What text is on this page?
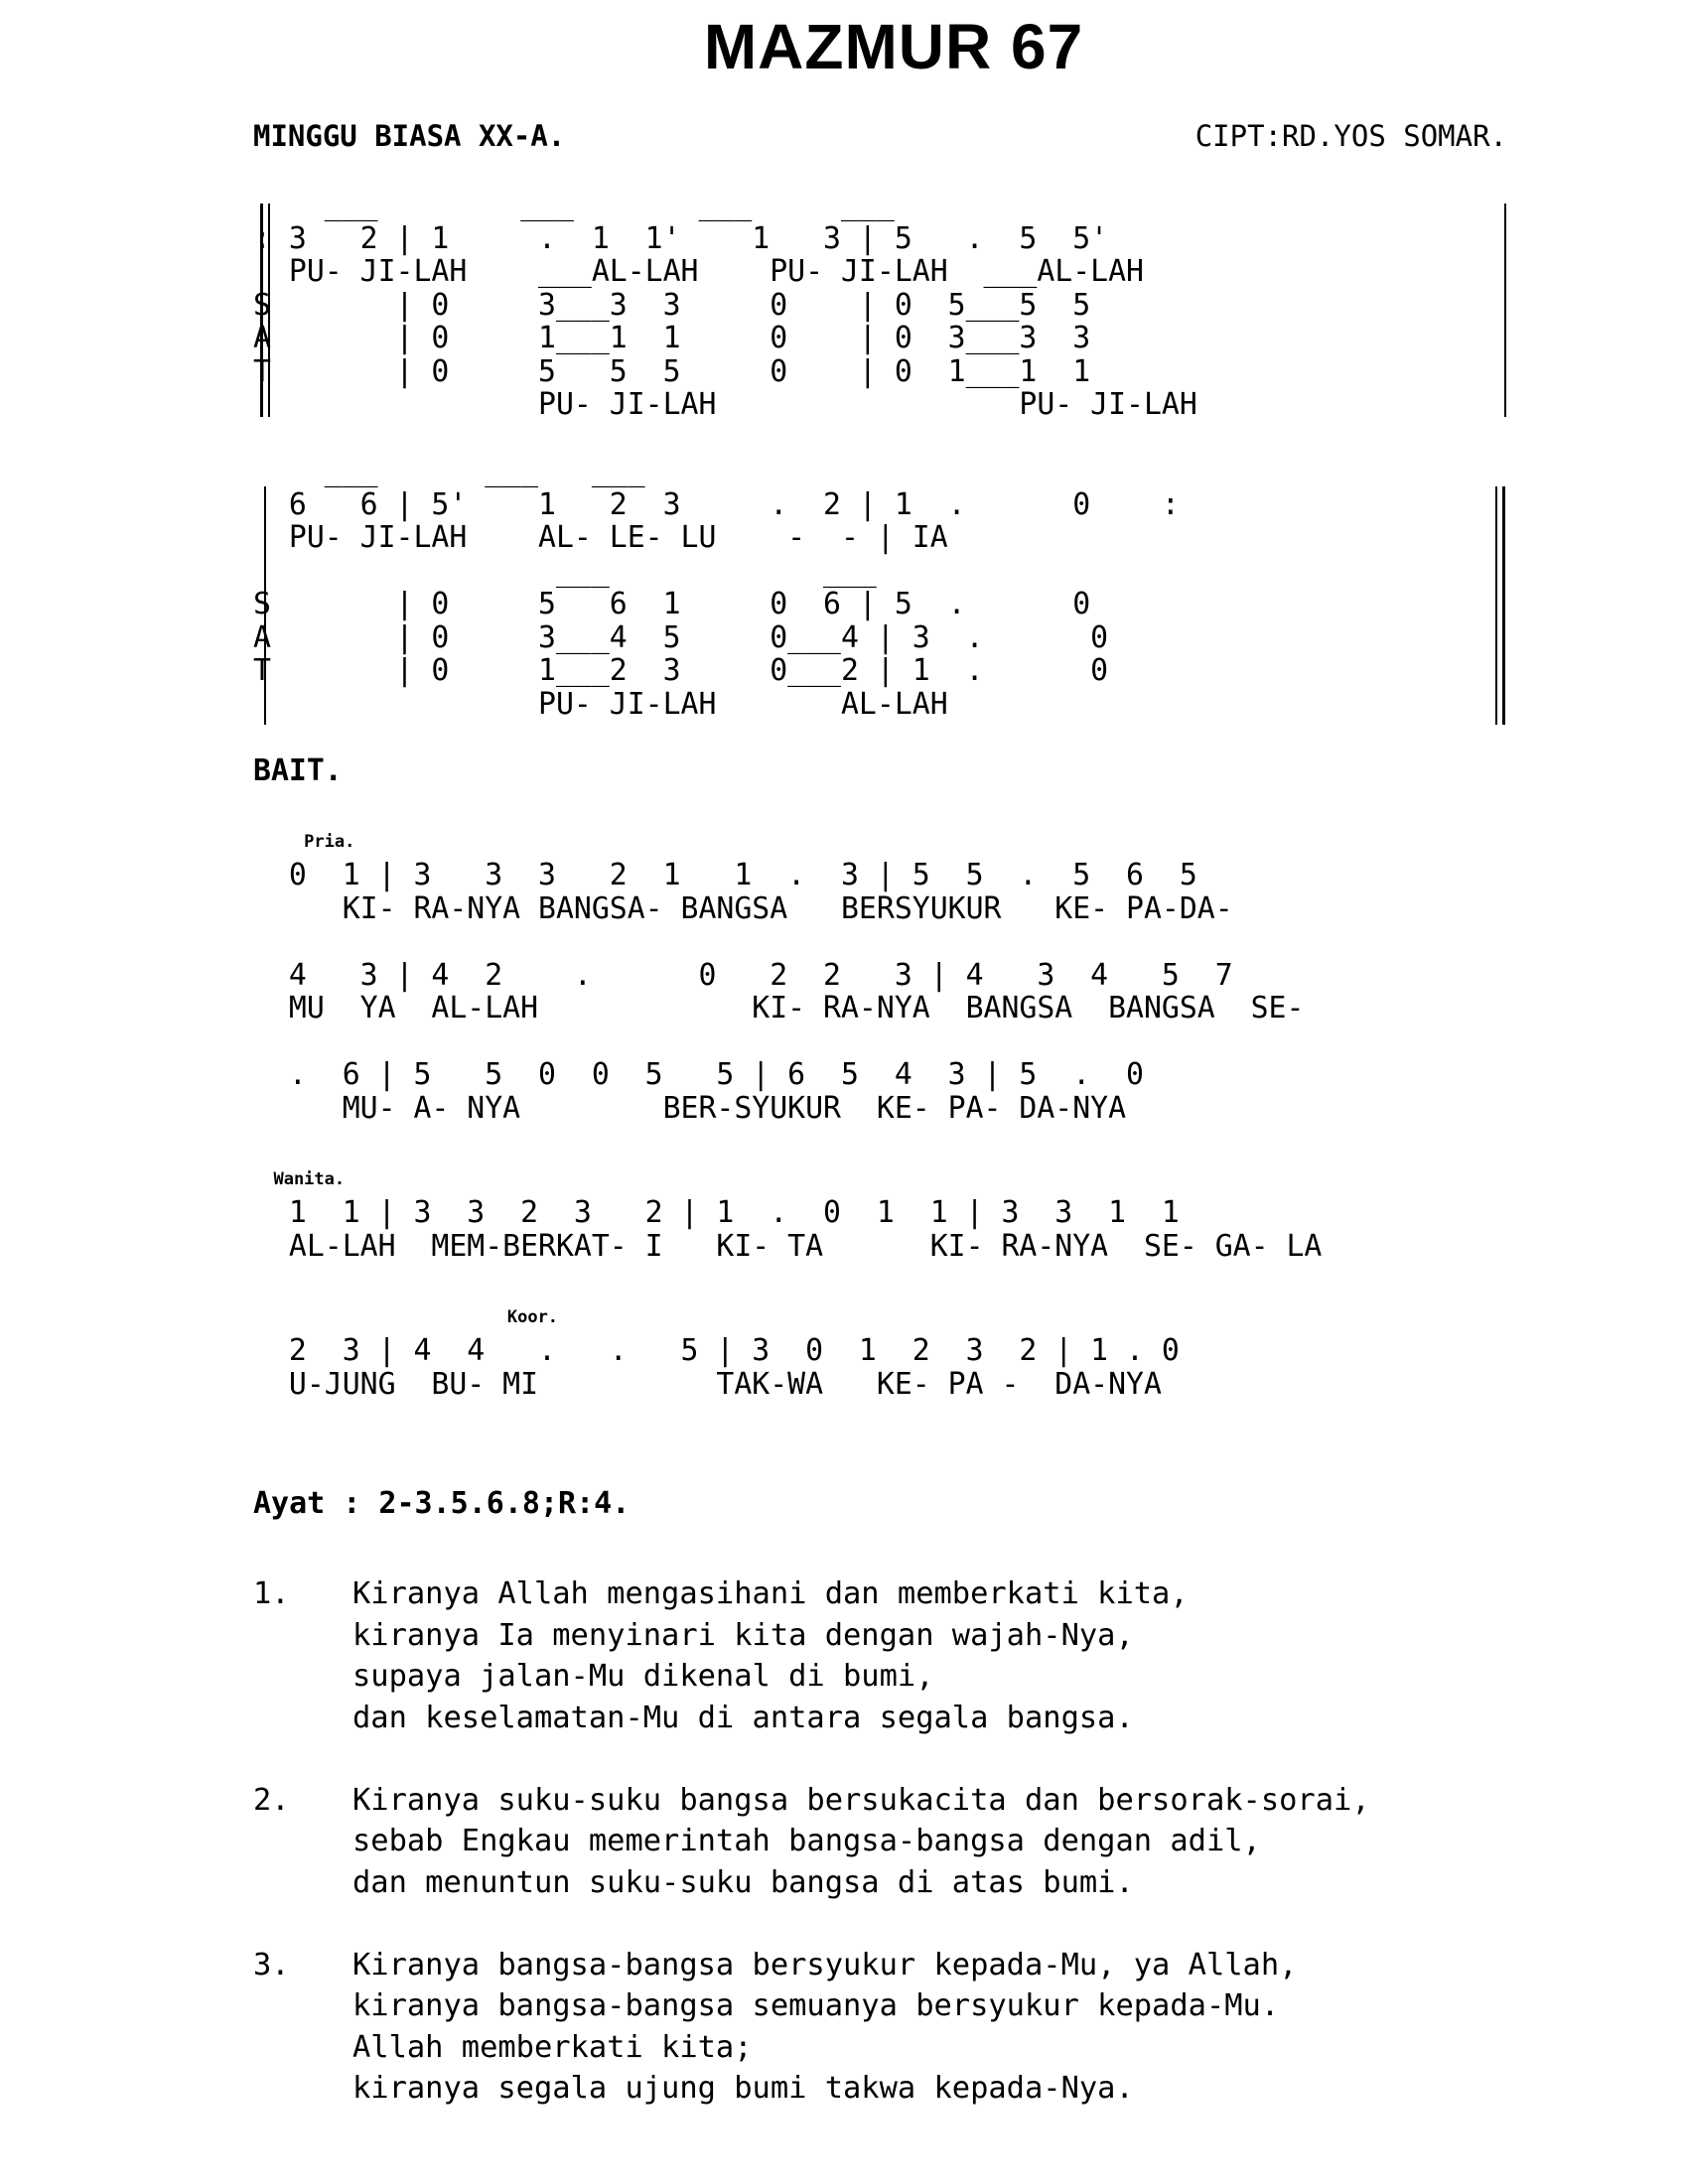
MAZMUR 67
MINGGU BIASA XX-A.	CIPT:RD.YOS SOMAR.
___        ___       ___     ___
: 3   2 | 1     .  1  1'    1   3 | 5   .  5  5'
PU- JI-LAH    ___AL-LAH    PU- JI-LAH  ___AL-LAH
S       | 0     3___3  3     0    | 0  5___5  5
A       | 0     1___1  1     0    | 0  3___3  3
T       | 0     5   5  5     0    | 0  1___1  1
PU- JI-LAH                 PU- JI-LAH

___      ___   ___
6   6 | 5'    1   2  3     .  2 | 1  .      0    :
PU- JI-LAH    AL- LE- LU    -  - | IA
___            ___
S       | 0     5   6  1     0  6 | 5  .      0
A       | 0     3___4  5     0___4 | 3  .      0
T       | 0     1___2  3     0___2 | 1  .      0
PU- JI-LAH       AL-LAH

BAIT.

Pria.
0  1 | 3   3  3   2  1   1  .  3 | 5  5  .  5  6  5
KI- RA-NYA BANGSA- BANGSA   BERSYUKUR   KE- PA-DA-

4   3 | 4  2    .      0   2  2   3 | 4   3  4   5  7
MU  YA  AL-LAH            KI- RA-NYA  BANGSA  BANGSA  SE-

.  6 | 5   5  0  0  5   5 | 6  5  4  3 | 5  .  0
MU- A- NYA        BER-SYUKUR  KE- PA- DA-NYA

Wanita.
1  1 | 3  3  2  3   2 | 1  .  0  1  1 | 3  3  1  1
AL-LAH  MEM-BERKAT- I   KI- TA      KI- RA-NYA  SE- GA- LA

Koor.
2  3 | 4  4   .   .   5 | 3  0  1  2  3  2 | 1 . 0
U-JUNG  BU- MI          TAK-WA   KE- PA -  DA-NYA
Ayat : 2-3.5.6.8;R:4.
1.	Kiranya Allah mengasihani dan memberkati kita,
kiranya Ia menyinari kita dengan wajah-Nya,
supaya jalan-Mu dikenal di bumi,
dan keselamatan-Mu di antara segala bangsa.
2.	Kiranya suku-suku bangsa bersukacita dan bersorak-sorai,
sebab Engkau memerintah bangsa-bangsa dengan adil,
dan menuntun suku-suku bangsa di atas bumi.
3.	Kiranya bangsa-bangsa bersyukur kepada-Mu, ya Allah,
kiranya bangsa-bangsa semuanya bersyukur kepada-Mu.
Allah memberkati kita;
kiranya segala ujung bumi takwa kepada-Nya.
